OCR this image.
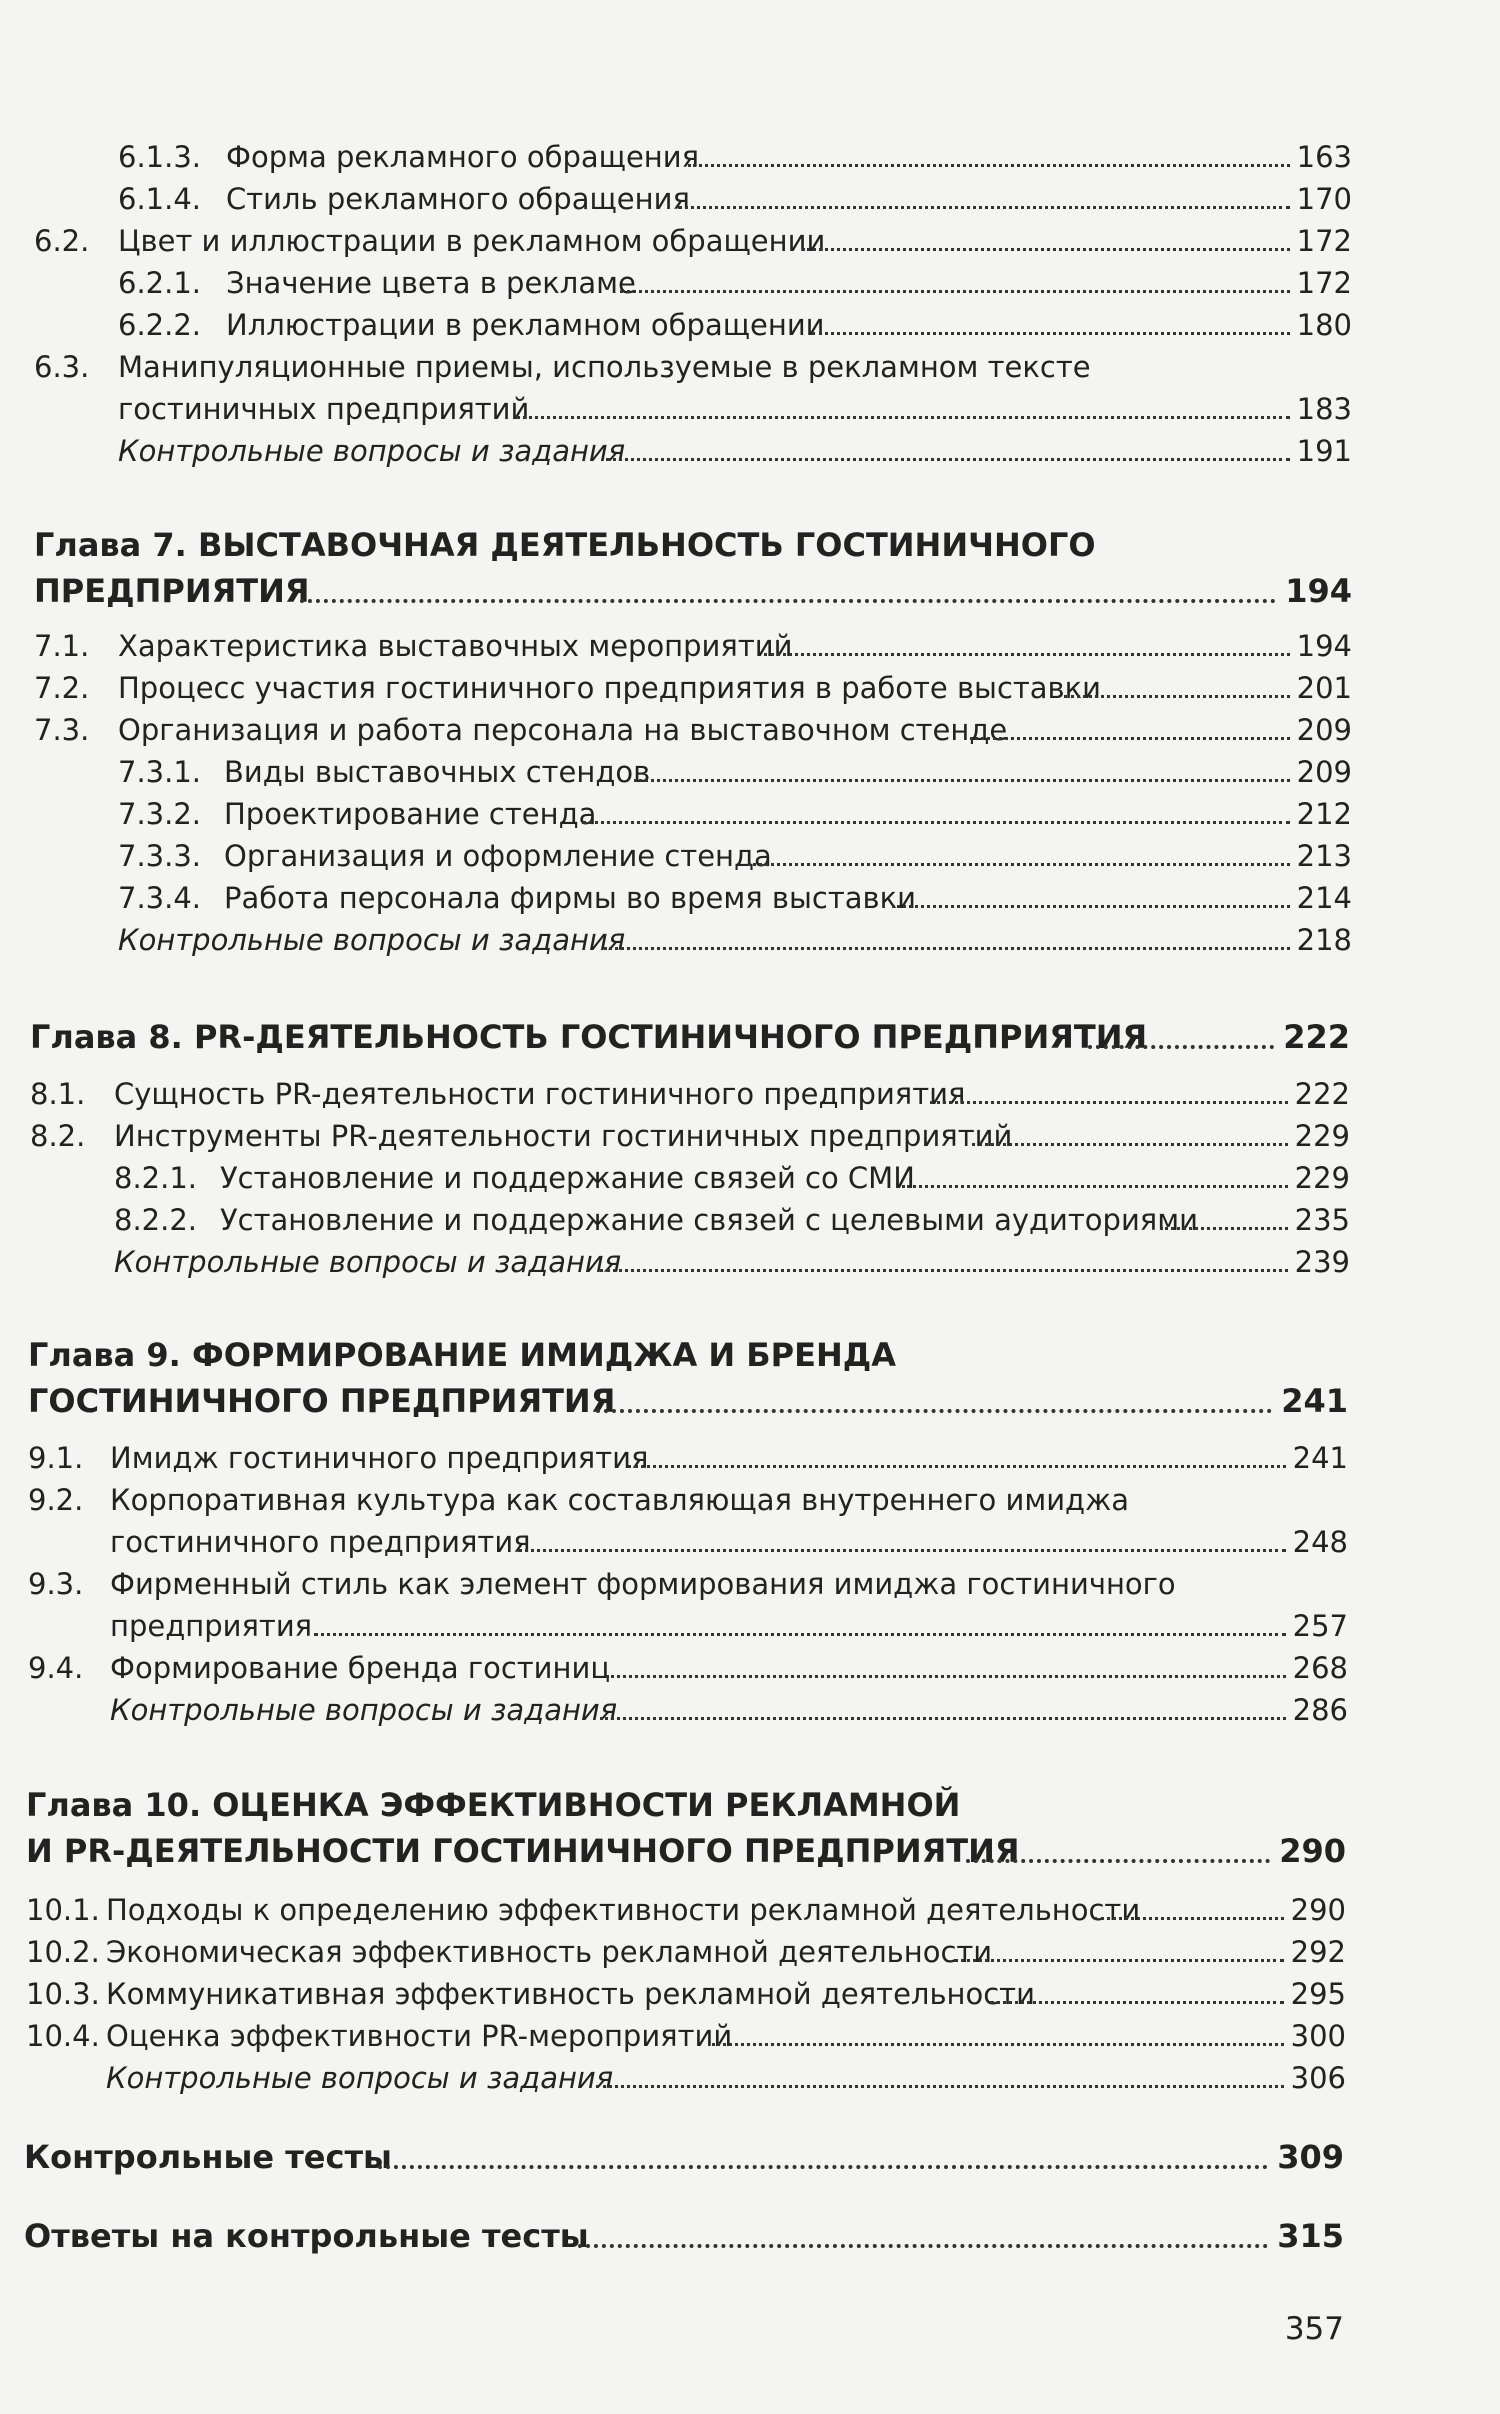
6.1.3. Форма рекламного обращения	163
6.1.4. Стиль рекламного обращения	170
6.2. Цвет и иллюстрации в рекламном обращении	172
6.2.1. Значение цвета в рекламе	172
6.2.2. Иллюстрации в рекламном обращении	180
6.3. Манипуляционные приемы, используемые в рекламном тексте
гостиничных предприятий	183
Контрольные вопросы и задания	191
Глава 7. ВЫСТАВОЧНАЯ ДЕЯТЕЛЬНОСТЬ ГОСТИНИЧНОГО
ПРЕДПРИЯТИЯ	194
7.1. Характеристика выставочных мероприятий	194
7.2. Процесс участия гостиничного предприятия в работе выставки	201
7.3. Организация и работа персонала на выставочном стенде	209
7.3.1. Виды выставочных стендов	209
7.3.2. Проектирование стенда	212
7.3.3. Организация и оформление стенда	213
7.3.4. Работа персонала фирмы во время выставки	214
Контрольные вопросы и задания	218
Глава 8. PR-ДЕЯТЕЛЬНОСТЬ ГОСТИНИЧНОГО ПРЕДПРИЯТИЯ	222
8.1. Сущность PR-деятельности гостиничного предприятия	222
8.2. Инструменты PR-деятельности гостиничных предприятий	229
8.2.1. Установление и поддержание связей со СМИ	229
8.2.2. Установление и поддержание связей с целевыми аудиториями	235
Контрольные вопросы и задания	239
Глава 9. ФОРМИРОВАНИЕ ИМИДЖА И БРЕНДА
ГОСТИНИЧНОГО ПРЕДПРИЯТИЯ	241
9.1. Имидж гостиничного предприятия	241
9.2. Корпоративная культура как составляющая внутреннего имиджа
гостиничного предприятия	248
9.3. Фирменный стиль как элемент формирования имиджа гостиничного
предприятия	257
9.4. Формирование бренда гостиниц	268
Контрольные вопросы и задания	286
Глава 10. ОЦЕНКА ЭФФЕКТИВНОСТИ РЕКЛАМНОЙ
И PR-ДЕЯТЕЛЬНОСТИ ГОСТИНИЧНОГО ПРЕДПРИЯТИЯ	290
10.1. Подходы к определению эффективности рекламной деятельности	290
10.2. Экономическая эффективность рекламной деятельности	292
10.3. Коммуникативная эффективность рекламной деятельности	295
10.4. Оценка эффективности PR-мероприятий	300
Контрольные вопросы и задания	306
Контрольные тесты	309
Ответы на контрольные тесты	315
357
